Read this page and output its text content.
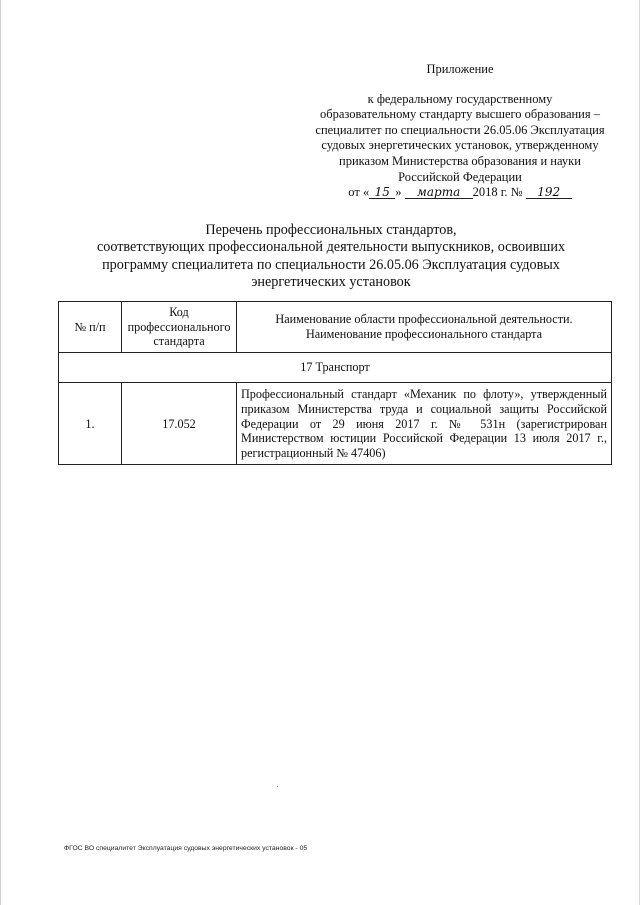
Приложение
к федеральному государственному
образовательному стандарту высшего образования –
специалитет по специальности 26.05.06 Эксплуатация
судовых энергетических установок, утвержденному
приказом Министерства образования и науки
Российской Федерации
от « 15 » марта 2018 г. № 192
Перечень профессиональных стандартов,
соответствующих профессиональной деятельности выпускников, освоивших
программу специалитета по специальности 26.05.06 Эксплуатация судовых
энергетических установок
№ п/п	Код профессионального стандарта	Наименование области профессиональной деятельности. Наименование профессионального стандарта
17 Транспорт		
1.	17.052	Профессиональный стандарт «Механик по флоту», утвержденный приказом Министерства труда и социальной защиты Российской Федерации от 29 июня 2017 г. № 531н (зарегистрирован Министерством юстиции Российской Федерации 13 июля 2017 г., регистрационный № 47406)
ФГОС ВО специалитет Эксплуатация судовых энергетических установок - 05
